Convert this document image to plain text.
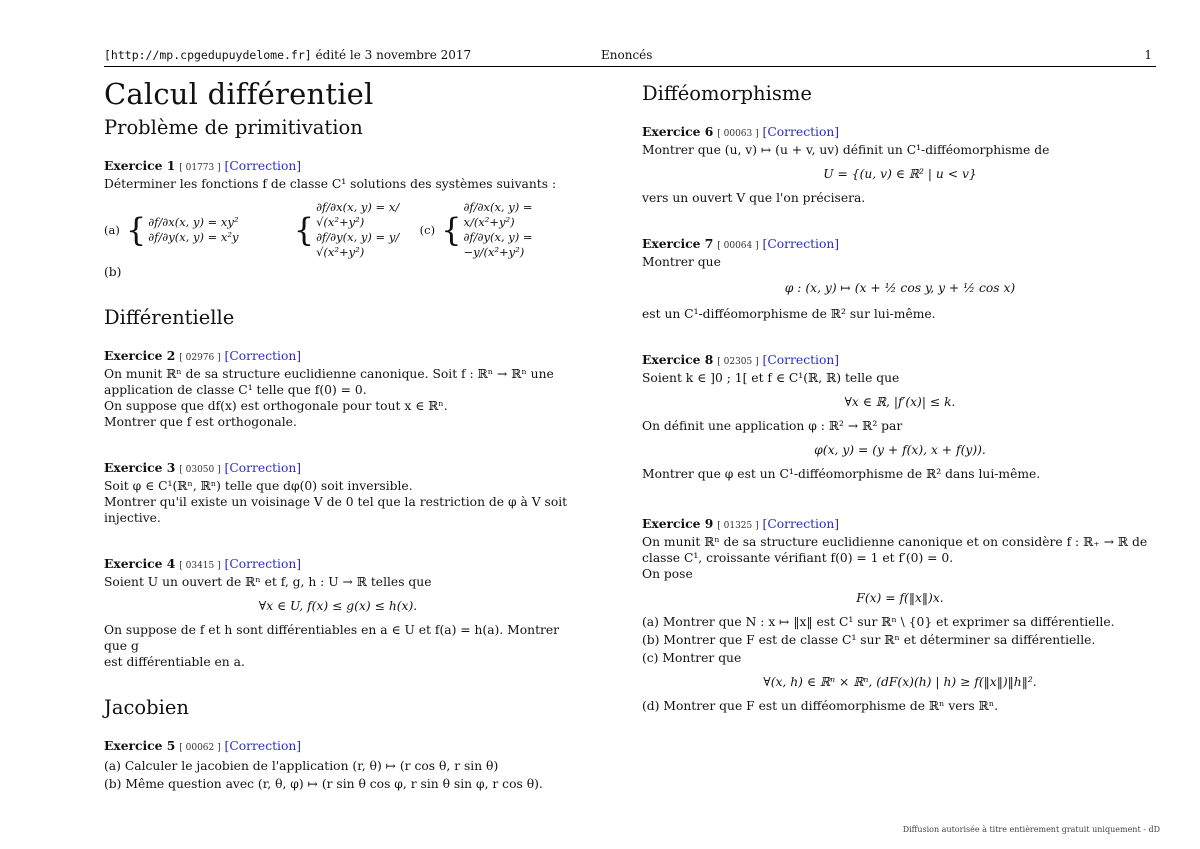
[http://mp.cpgedupuydelome.fr] édité le 3 novembre 2017	Enoncés	1
Calcul différentiel
Problème de primitivation

Exercice 1 [ 01773 ] [Correction]

Déterminer les fonctions f de classe C¹ solutions des systèmes suivants :

(a) { ∂f/∂x(x, y) = xy²
∂f/∂y(x, y) = x²y {
∂f/∂x(x, y) = x/√(x²+y²)
∂f/∂y(x, y) = y/√(x²+y²)
(c) {
∂f/∂x(x, y) = x/(x²+y²)
∂f/∂y(x, y) = −y/(x²+y²)

(b)

Différentielle

Exercice 2 [ 02976 ] [Correction]

On munit ℝⁿ de sa structure euclidienne canonique. Soit f : ℝⁿ → ℝⁿ une

application de classe C¹ telle que f(0) = 0.

On suppose que df(x) est orthogonale pour tout x ∈ ℝⁿ.

Montrer que f est orthogonale.

Exercice 3 [ 03050 ] [Correction]

Soit φ ∈ C¹(ℝⁿ, ℝⁿ) telle que dφ(0) soit inversible.

Montrer qu'il existe un voisinage V de 0 tel que la restriction de φ à V soit

injective.

Exercice 4 [ 03415 ] [Correction]

Soient U un ouvert de ℝⁿ et f, g, h : U → ℝ telles que

∀x ∈ U, f(x) ≤ g(x) ≤ h(x).

On suppose de f et h sont différentiables en a ∈ U et f(a) = h(a). Montrer que g

est différentiable en a.

Jacobien

Exercice 5 [ 00062 ] [Correction]

(a) Calculer le jacobien de l'application (r, θ) ↦ (r cos θ, r sin θ)

(b) Même question avec (r, θ, φ) ↦ (r sin θ cos φ, r sin θ sin φ, r cos θ).

Difféomorphisme

Exercice 6 [ 00063 ] [Correction]

Montrer que (u, v) ↦ (u + v, uv) définit un C¹-difféomorphisme de

U = {(u, v) ∈ ℝ² | u < v}

vers un ouvert V que l'on précisera.

Exercice 7 [ 00064 ] [Correction]

Montrer que

φ : (x, y) ↦ (x + ½ cos y, y + ½ cos x)

est un C¹-difféomorphisme de ℝ² sur lui-même.

Exercice 8 [ 02305 ] [Correction]

Soient k ∈ ]0 ; 1[ et f ∈ C¹(ℝ, ℝ) telle que

∀x ∈ ℝ, |f′(x)| ≤ k.

On définit une application φ : ℝ² → ℝ² par

φ(x, y) = (y + f(x), x + f(y)).

Montrer que φ est un C¹-difféomorphisme de ℝ² dans lui-même.

Exercice 9 [ 01325 ] [Correction]

On munit ℝⁿ de sa structure euclidienne canonique et on considère f : ℝ₊ → ℝ de

classe C¹, croissante vérifiant f(0) = 1 et f′(0) = 0.

On pose

F(x) = f(‖x‖)x.

(a) Montrer que N : x ↦ ‖x‖ est C¹ sur ℝⁿ \ {0} et exprimer sa différentielle.

(b) Montrer que F est de classe C¹ sur ℝⁿ et déterminer sa différentielle.

(c) Montrer que

∀(x, h) ∈ ℝⁿ × ℝⁿ, (dF(x)(h) | h) ≥ f(‖x‖)‖h‖².

(d) Montrer que F est un difféomorphisme de ℝⁿ vers ℝⁿ.

Diffusion autorisée à titre entièrement gratuit uniquement - dD
